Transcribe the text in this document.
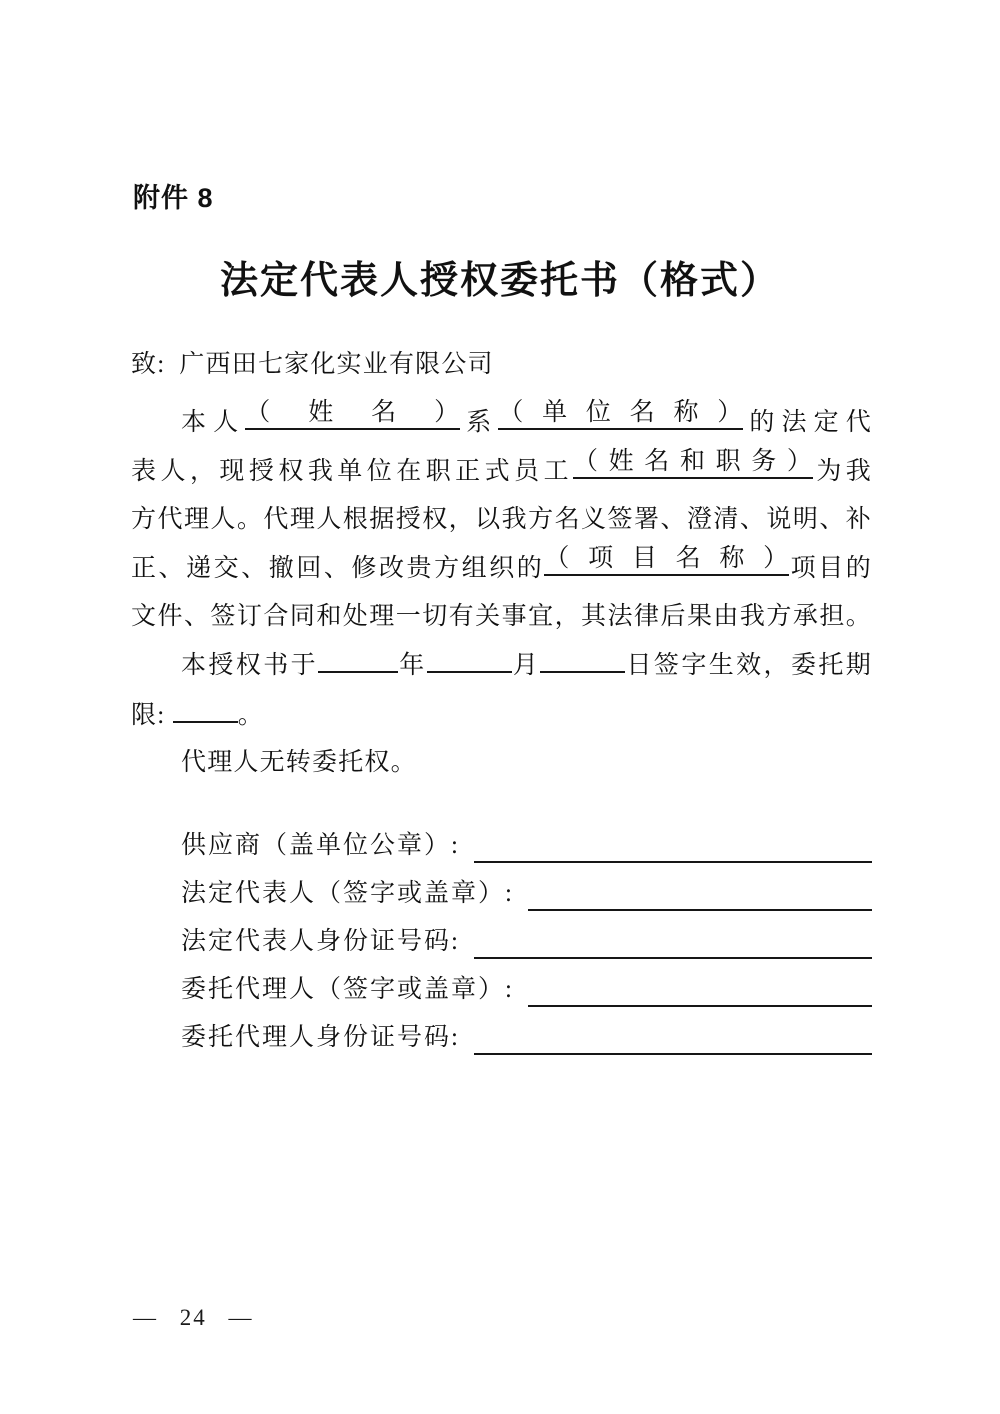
附件 8
法定代表人授权委托书（格式）
致: 广西田七家化实业有限公司
本人（姓名）系（单位名称）的法定代
表人，现授权我单位在职正式员工（姓名和职务）为我
方代理人。代理人根据授权，以我方名义签署、澄清、说明、补
正、递交、撤回、修改贵方组织的（项目名称）项目的
文件、签订合同和处理一切有关事宜，其法律后果由我方承担。
本授权书于	年	月	日签字生效，委托期
限:	。
代理人无转委托权。
供应商（盖单位公章）:
法定代表人（签字或盖章）:
法定代表人身份证号码:
委托代理人（签字或盖章）:
委托代理人身份证号码:
— 24 —
